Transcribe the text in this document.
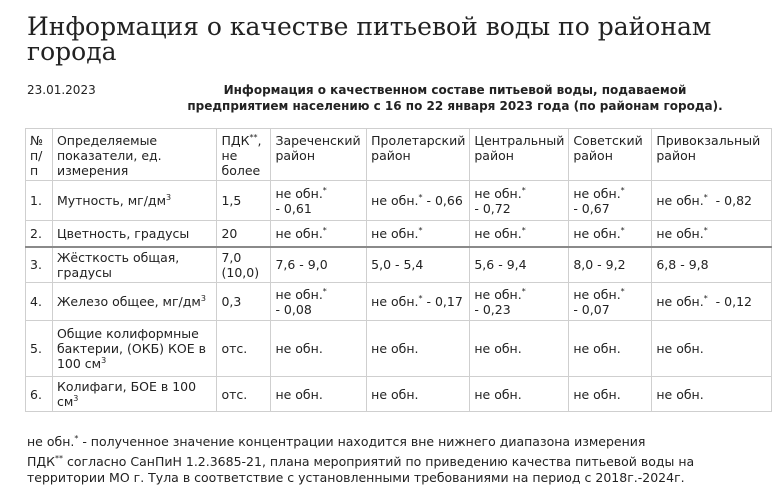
Информация о качестве питьевой воды по районам города
23.01.2023	Информация о качественном составе питьевой воды, подаваемой
предприятием населению с 16 по 22 января 2023 года (по районам города).
№ п/п	Определяемые показатели, ед. измерения	ПДК**, не более	Зареченский район	Пролетарский район	Центральный район	Советский район	Привокзальный район
1.	Мутность, $мг/дм^3$	1,5	не обн.* - 0,61	не обн.* - 0,66	не обн.* - 0,72	не обн.* - 0,67	не обн.*  - 0,82
2.	Цветность, градусы	20	не обн.*	не обн.*	не обн.*	не обн.*	не обн.*
3.	Жёсткость общая, градусы	7,0 (10,0)	7,6 - 9,0	5,0 - 5,4	5,6 - 9,4	8,0 - 9,2	6,8 - 9,8
4.	Железо общее, $мг/дм^3$	0,3	не обн.* - 0,08	не обн.* - 0,17	не обн.* - 0,23	не обн.* - 0,07	не обн.*  - 0,12
5.	Общие колиформные бактерии, (ОКБ) КОЕ в 100 $см^3$	отс.	не обн.	не обн.	не обн.	не обн.	не обн.
6.	Колифаги, БОЕ в 100 $см^3$	отс.	не обн.	не обн.	не обн.	не обн.	не обн.

не обн.* - полученное значение концентрации находится вне нижнего диапазона измерения

ПДК** согласно СанПиН 1.2.3685-21, плана мероприятий по приведению качества питьевой воды на территории МО г. Тула в соответствие с установленными требованиями на период с 2018г.-2024г.
